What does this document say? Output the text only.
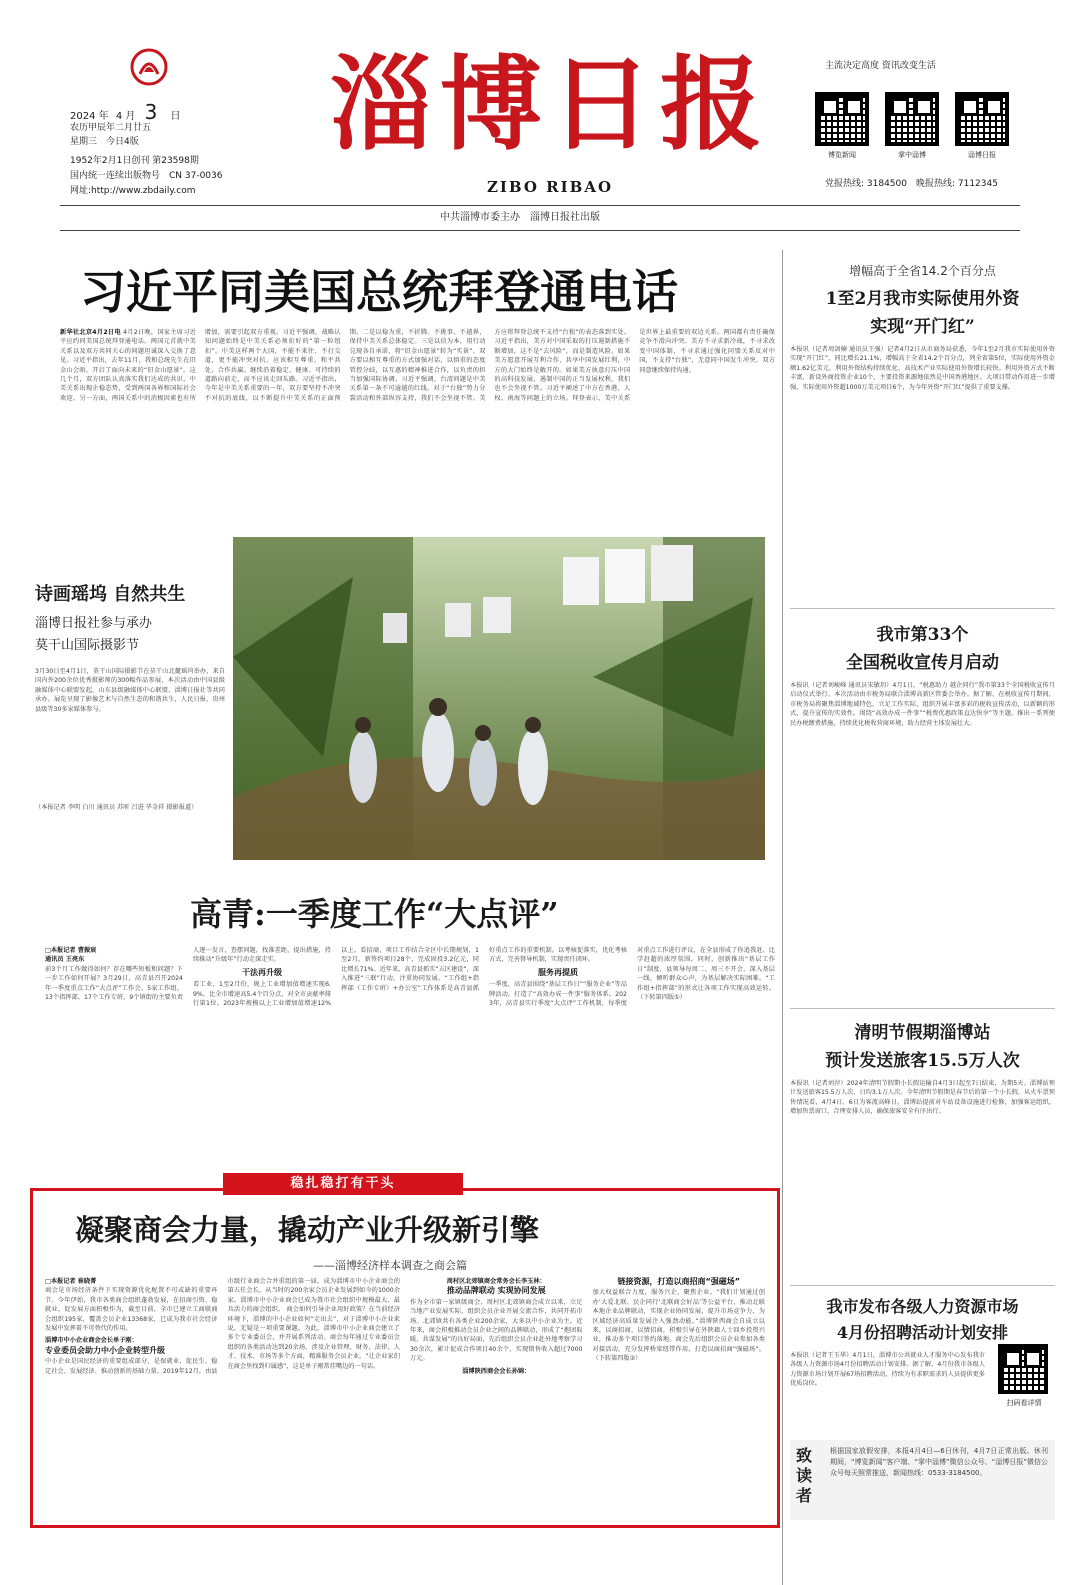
2024 年 4 月 3 日
农历甲辰年二月廿五
星期三　今日4版
1952年2月1日创刊 第23598期
国内统一连续出版物号　CN 37-0036
网址:http://www.zbdaily.com
淄博日报
ZIBO RIBAO
主流决定高度 资讯改变生活
博览新闻	掌中淄博	淄博日报
党报热线: 3184500　晚报热线: 7112345
中共淄博市委主办　淄博日报社出版
习近平同美国总统拜登通电话
新华社北京4月2日电 4月2日晚，国家主席习近平应约同美国总统拜登通电话。两国元首就中美关系以及双方共同关心的问题坦诚深入交换了意见。习近平指出，去年11月，我和总统先生在旧金山会晤，开启了面向未来的“旧金山愿景”。这几个月，双方团队认真落实我们达成的共识，中美关系出现企稳态势，受到两国各界和国际社会欢迎。另一方面，两国关系中的消极因素也有所增加，需要引起双方重视。习近平强调，战略认知问题始终是中美关系必须扣好的“第一粒纽扣”。中美这样两个大国，不能不来往、不打交道，更不能冲突对抗，应该相互尊重、和平共处、合作共赢。继续沿着稳定、健康、可持续的道路向前走，而不应该走回头路。习近平指出，今年是中美关系重要的一年，双方要坚持不冲突不对抗的底线，以不断提升中美关系的正面预期。二是以稳为重，不折腾、不挑事、不越界，保持中美关系总体稳定。三是以信为本，用行动兑现各自承诺，将“旧金山愿景”转为“实景”。双方要以相互尊重的方式加强对话，以慎重的态度管控分歧，以互惠的精神推进合作，以负责的担当加强国际协调。习近平强调，台湾问题是中美关系第一条不可逾越的红线。对于“台独”势力分裂活动和外部纵容支持，我们不会坐视不管。美方应将拜登总统不支持“台独”的表态落到实处。习近平指出，美方对中国采取的打压遏制措施不断增加，这不是“去风险”，而是制造风险。如果美方愿意开展互利合作，共享中国发展红利，中方的大门始终是敞开的。如果美方执意打压中国的高科技发展，遏制中国的正当发展权利，我们也不会坐视不管。习近平阐述了中方在香港、人权、南海等问题上的立场。拜登表示，美中关系是世界上最重要的双边关系。两国都有责任确保竞争不滑向冲突。美方不寻求新冷战，不寻求改变中国体制，不寻求通过强化同盟关系反对中国，不支持“台独”，无意同中国发生冲突。双方同意继续保持沟通。
增幅高于全省14.2个百分点
1至2月我市实际使用外资
实现“开门红”
本报讯（记者周剑楠 通讯员王强）记者4月2日从市商务局获悉，今年1至2月我市实际使用外资实现“开门红”，同比增长21.1%，增幅高于全省14.2个百分点，列全省第5位，实际使用外资金额1.62亿美元。利用外资结构持续优化，高技术产业实际使用外资增长较快。利用外资方式不断丰富，新设外商投资企业10个，主要投资来源地依然是中国香港地区。大项目带动作用进一步增强，实际使用外资超1000万美元项目6个，为今年外资“开门红”提供了重要支撑。
我市第33个
全国税收宣传月启动
本报讯（记者刘峻峰 通讯员宋敏玥）4月1日，“税惠助力 越企同行”我市第33个全国税收宣传月启动仪式举行。本次活动由市税务局联合淄博高新区管委会举办。据了解，在税收宣传月期间，市税务局将聚焦淄博地域特色，立足工作实际，组织开展丰富多彩的税收宣传活动，以新颖的形式，提升宣传的实效性。围绕“高效办成一件事”“税费优惠政策直达快享”等主题，推出一系列便民办税缴费措施，持续优化税收营商环境，助力经营主体发展壮大。
清明节假期淄博站
预计发送旅客15.5万人次
本报讯（记者刘淳）2024年清明节假期小长假运输自4月3日起至7日结束，为期5天。淄博站预计发送旅客15.5万人次，日均3.1万人次。今年清明节假期是春节后的第一个小长假，从火车票预售情况看，4月4日、6日为客流高峰日。淄博站提前对车站设备设施进行检修，加强客运组织，增加售票窗口，合理安排人员，确保旅客安全有序出行。
我市发布各级人力资源市场
4月份招聘活动计划安排
本报讯（记者王玉华）4月1日，淄博市公共就业人才服务中心发布我市各级人力资源市场4月份招聘活动计划安排。据了解，4月份我市各级人力资源市场计划开展67场招聘活动，持续为有求职需求的人员提供更多优质岗位。
扫码看详情
致读者
根据国家放假安排，本报4月4日—6日休刊，4月7日正常出版。休刊期间，“博览新闻”客户端、“掌中淄博”微信公众号、“淄博日报”微信公众号每天照常推送，新闻热线：0533-3184500。
诗画瑶坞 自然共生
淄博日报社参与承办
莫干山国际摄影节
3月30日至4月1日，莫干山国际摄影节在莫干山北麓瑶坞举办，来自国内外200余位优秀摄影师的300幅作品参展，本次活动由中国县级融媒体中心联盟发起，山东县级融媒体中心联盟、淄博日报社等共同承办。展览呈现了影像艺术与自然生态的和谐共生，人民日报、贵州县级等30多家媒体参与。
（本报记者 李明 白川 通讯员 苏昕 吕进 毕金祥 摄影报道）
高青:一季度工作“大点评”
□本报记者 曹振宸
通讯员 王亮东
前3个月工作做得如何？存在哪些短板和问题？下一步工作如何开展？3月29日，高青县召开2024年一季度重点工作“大点评”工作会。5家工作组、13个指挥部、17个工作专班、9个镇街的主要负责人逐一发言，查摆问题，找准差距，提出措施，持续推动“升级年”行动走深走实。
干法再升级
看工业，1至2月份，规上工业增加值增速实现6.9%，比全市增速高5.4个百分点，对全市贡献率排行第1位。2023年规模以上工业增加值增速12%以上。看招商，项目工作结合全区中长期规划，1至2月，新签约项目28个，完成固投3.2亿元，同比增长71%。近年来，高青县抓实“五区建设”，深入推进“三联”行动，注重协同发展。“工作组+指挥部（工作专班）+办公室”工作体系是高青县抓好重点工作的重要机制。以考核促落实，优化考核方式，完善督导机制，实现责任闭环。
服务再提质
一季度，高青县围绕“基层工作日”“服务企业”等品牌活动，打造了“高效办成一件事”服务体系。2023年，高青县实行季度“大点评”工作机制，每季度对重点工作进行评议，在全县形成了你追我赶、比学赶超的浓厚氛围。同时，创新推出“基层工作日”制度，县领导每周二、周三不开会，深入基层一线，倾听群众心声，为基层解决实际困难。“工作组+指挥部”的形式让各项工作实现高效运转。（下转第四版①）
稳扎稳打有干头
凝聚商会力量，撬动产业升级新引擎
——淄博经济样本调查之商会篇
□本报记者 崔晓菁
商会是市场经济条件下实现资源优化配置不可或缺的重要环节。今年伊始，我市各类商会组织蓬勃发展，在招商引资、稳就业、促发展方面积极作为，截至目前，全市已建立工商联商会组织195家，覆盖会员企业13368家，已成为我市社会经济发展中发挥着不可替代的作用。
淄博市中小企业商会会长单子刚：
专业委员会助力中小企业转型升级
中小企业是国民经济的重要组成部分，是保就业、促民生、稳定社会、发展经济、推动创新的基础力量。2019年12月，由县市级行业商会合并重组的第一届，成为淄博市中小企业商会的第五任会长。从当时的200余家会员企业发展到如今的1000余家。淄博市中小企业商会已成为我市社会组织中规模最大、最具活力的商会组织。 商会如何引导企业用好政策？在当前经济环境下，淄博的中小企业如何“走出去”，对于淄博中小企业来说，无疑是一项重要课题。为此，淄博市中小企业商会建立了多个专业委员会，并开展系列活动。商会每年通过专业委员会组织的各类活动达到20余场，涉及企业管理、财务、法律、人才、技术、市场等多个方面，精准服务会员企业。“让企业家们在商会里找到归属感”，这是单子刚常挂嘴边的一句话。
周村区北郊镇商会常务会长李玉林：
推动品牌联动 实现协同发展
作为全市第一家镇级商会，周村区北郊镇商会成立以来，立足当地产业发展实际，组织会员企业开展交流合作，共同开拓市场。北郊镇共有各类企业200余家，大多以中小企业为主。近年来，商会积极推动会员企业之间的品牌联动，形成了“抱团取暖、共谋发展”的良好局面，先后组织会员企业赴外地考察学习30余次，累计促成合作项目40余个，实现销售收入超过7000万元。
淄博陕西商会会长孙锦：
链接资源，打造以商招商“强磁场”
加大权益联合力度，服务兴企，聚焦企业。“我们计划通过创办‘大爱北联、民企同行’北联商会好品’等公益平台，推动北联本地企业品牌联动，实现企业协同发展，提升市场竞争力，为区域经济高质量发展注入强劲动能。”淄博陕西商会自成立以来，以商招商、以情招商，积极引导在外陕籍人士回乡投资兴业，推动多个项目签约落地。商会先后组织会员企业参加各类对接活动，充分发挥桥梁纽带作用，打造以商招商“强磁场”。（下转第四版②）
